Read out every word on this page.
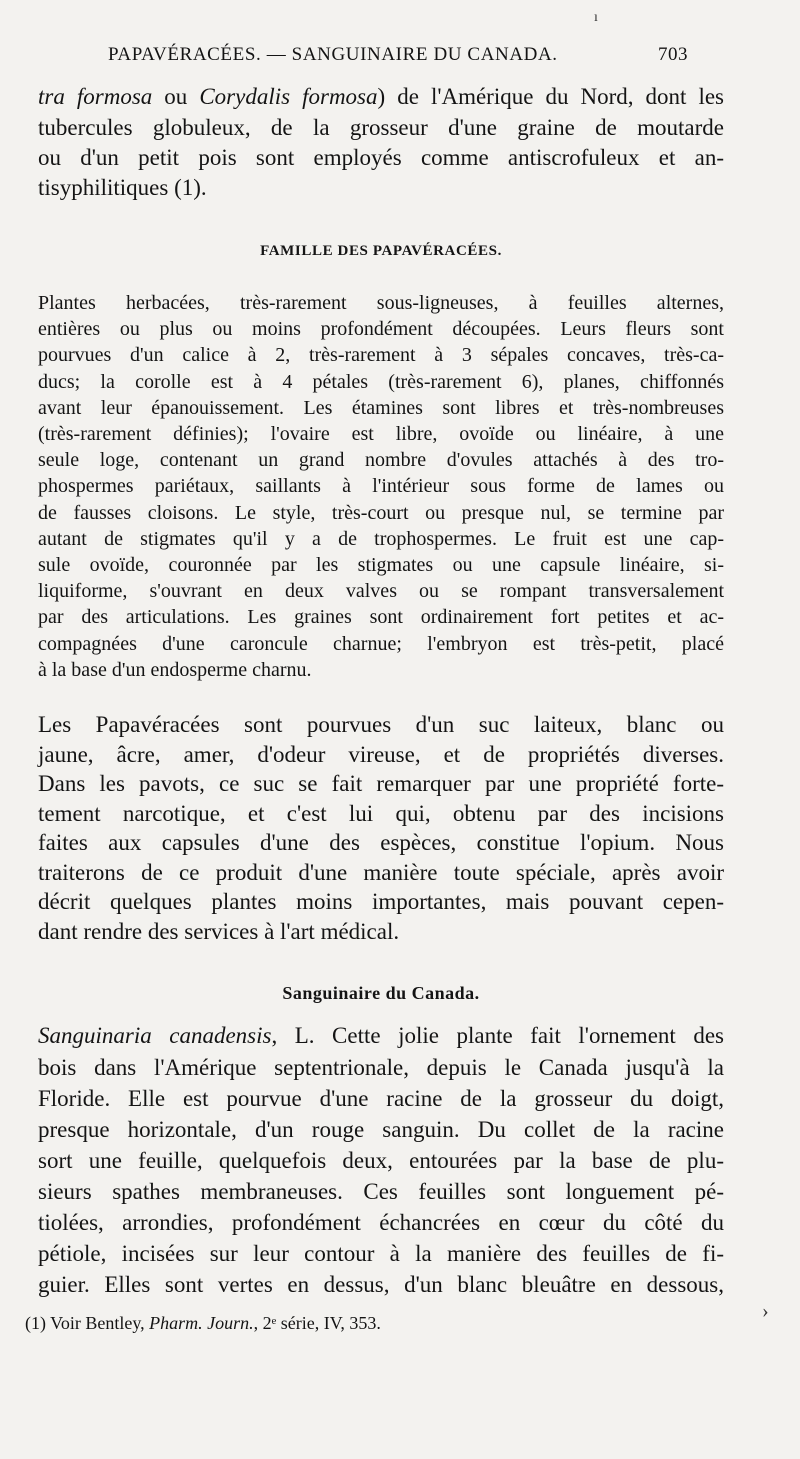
PAPAVÉRACÉES. — SANGUINAIRE DU CANADA.	703
tra formosa ou Corydalis formosa) de l'Amérique du Nord, dont les
tubercules globuleux, de la grosseur d'une graine de moutarde
ou d'un petit pois sont employés comme antiscrofuleux et an-
tisyphilitiques (1).
FAMILLE DES PAPAVÉRACÉES.
Plantes herbacées, très-rarement sous-ligneuses, à feuilles alternes,
entières ou plus ou moins profondément découpées. Leurs fleurs sont
pourvues d'un calice à 2, très-rarement à 3 sépales concaves, très-ca-
ducs; la corolle est à 4 pétales (très-rarement 6), planes, chiffonnés
avant leur épanouissement. Les étamines sont libres et très-nombreuses
(très-rarement définies); l'ovaire est libre, ovoïde ou linéaire, à une
seule loge, contenant un grand nombre d'ovules attachés à des tro-
phospermes pariétaux, saillants à l'intérieur sous forme de lames ou
de fausses cloisons. Le style, très-court ou presque nul, se termine par
autant de stigmates qu'il y a de trophospermes. Le fruit est une cap-
sule ovoïde, couronnée par les stigmates ou une capsule linéaire, si-
liquiforme, s'ouvrant en deux valves ou se rompant transversalement
par des articulations. Les graines sont ordinairement fort petites et ac-
compagnées d'une caroncule charnue; l'embryon est très-petit, placé
à la base d'un endosperme charnu.
Les Papavéracées sont pourvues d'un suc laiteux, blanc ou
jaune, âcre, amer, d'odeur vireuse, et de propriétés diverses.
Dans les pavots, ce suc se fait remarquer par une propriété forte-
tement narcotique, et c'est lui qui, obtenu par des incisions
faites aux capsules d'une des espèces, constitue l'opium. Nous
traiterons de ce produit d'une manière toute spéciale, après avoir
décrit quelques plantes moins importantes, mais pouvant cepen-
dant rendre des services à l'art médical.
Sanguinaire du Canada.
Sanguinaria canadensis, L. Cette jolie plante fait l'ornement des
bois dans l'Amérique septentrionale, depuis le Canada jusqu'à la
Floride. Elle est pourvue d'une racine de la grosseur du doigt,
presque horizontale, d'un rouge sanguin. Du collet de la racine
sort une feuille, quelquefois deux, entourées par la base de plu-
sieurs spathes membraneuses. Ces feuilles sont longuement pé-
tiolées, arrondies, profondément échancrées en cœur du côté du
pétiole, incisées sur leur contour à la manière des feuilles de fi-
guier. Elles sont vertes en dessus, d'un blanc bleuâtre en dessous,
(1) Voir Bentley, Pharm. Journ., 2ᵉ série, IV, 353.
ı
›
